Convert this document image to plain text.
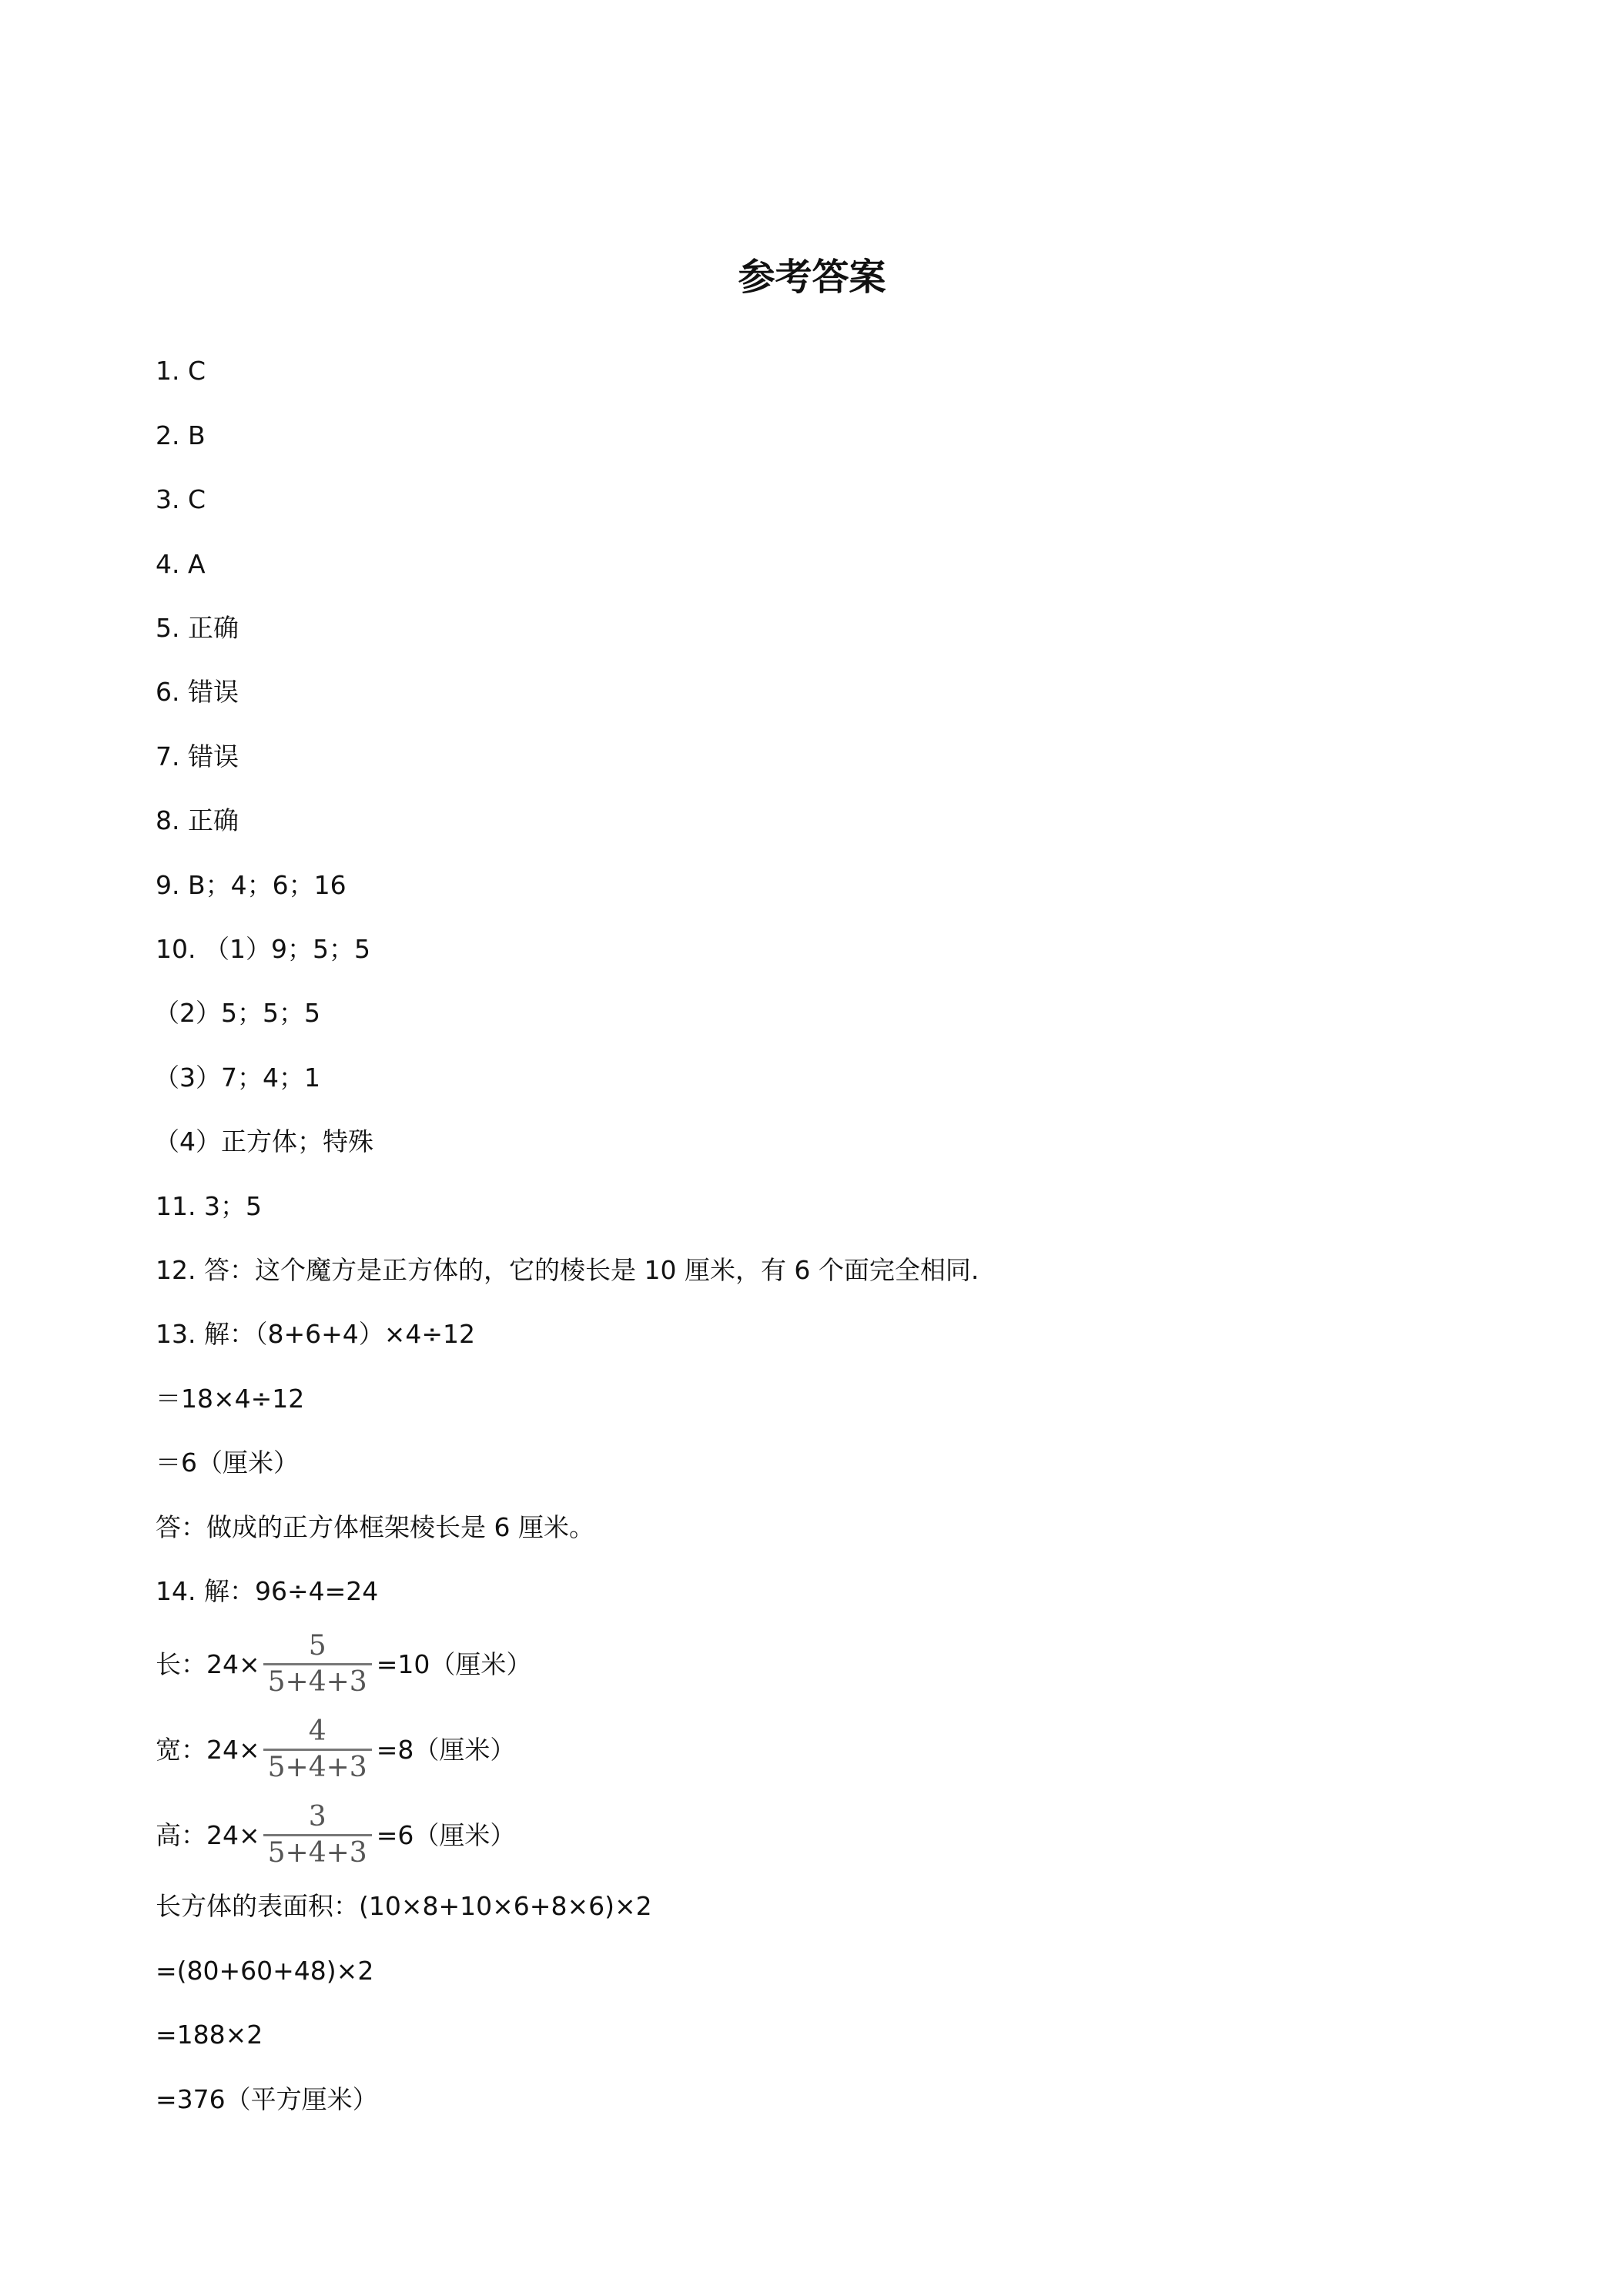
参考答案
1. C
2. B
3. C
4. A
5. 正确
6. 错误
7. 错误
8. 正确
9. B；4；6；16
10. （1）9；5；5
（2）5；5；5
（3）7；4；1
（4）正方体；特殊
11. 3；5
12. 答：这个魔方是正方体的，它的棱长是 10 厘米，有 6 个面完全相同.
13. 解：（8+6+4）×4÷12
＝18×4÷12
＝6（厘米）
答：做成的正方体框架棱长是 6 厘米。
14. 解：96÷4=24
长：$24\times \frac{5}{5+4+3} =10$（厘米）
宽：$24\times \frac{4}{5+4+3} =8$（厘米）
高：$24\times \frac{3}{5+4+3} =6$（厘米）
长方体的表面积：(10×8+10×6+8×6)×2
=(80+60+48)×2
=188×2
=376（平方厘米）
